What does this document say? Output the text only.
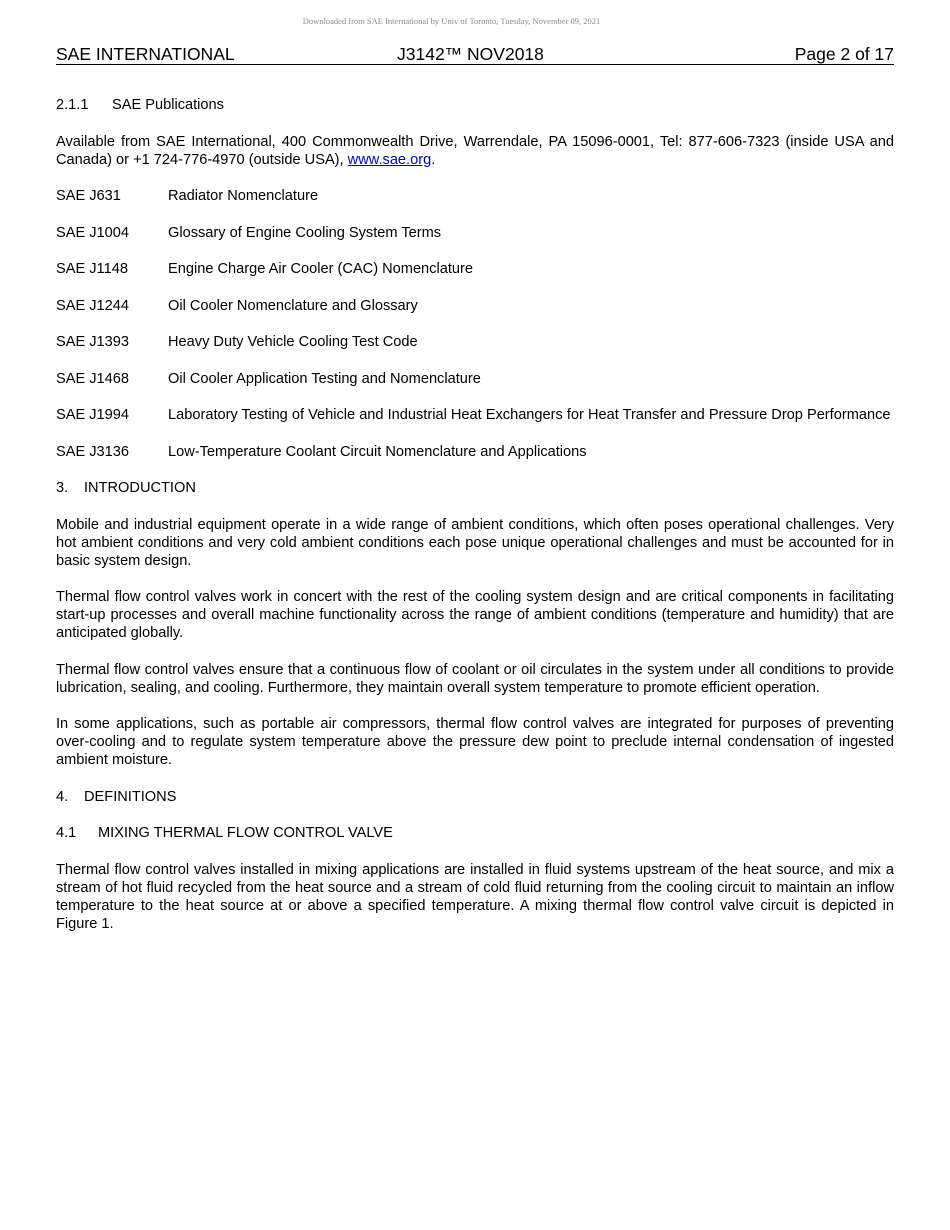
Downloaded from SAE International by Univ of Toronto, Tuesday, November 09, 2021
SAE INTERNATIONAL	J3142™ NOV2018	Page 2 of 17
2.1.1 SAE Publications

Available from SAE International, 400 Commonwealth Drive, Warrendale, PA 15096-0001, Tel: 877-606-7323 (inside USA and Canada) or +1 724-776-4970 (outside USA), www.sae.org.

SAE J631	Radiator Nomenclature
SAE J1004	Glossary of Engine Cooling System Terms
SAE J1148	Engine Charge Air Cooler (CAC) Nomenclature
SAE J1244	Oil Cooler Nomenclature and Glossary
SAE J1393	Heavy Duty Vehicle Cooling Test Code
SAE J1468	Oil Cooler Application Testing and Nomenclature
SAE J1994	Laboratory Testing of Vehicle and Industrial Heat Exchangers for Heat Transfer and Pressure Drop Performance
SAE J3136	Low-Temperature Coolant Circuit Nomenclature and Applications
3. INTRODUCTION

Mobile and industrial equipment operate in a wide range of ambient conditions, which often poses operational challenges. Very hot ambient conditions and very cold ambient conditions each pose unique operational challenges and must be accounted for in basic system design.

Thermal flow control valves work in concert with the rest of the cooling system design and are critical components in facilitating start-up processes and overall machine functionality across the range of ambient conditions (temperature and humidity) that are anticipated globally.

Thermal flow control valves ensure that a continuous flow of coolant or oil circulates in the system under all conditions to provide lubrication, sealing, and cooling. Furthermore, they maintain overall system temperature to promote efficient operation.

In some applications, such as portable air compressors, thermal flow control valves are integrated for purposes of preventing over-cooling and to regulate system temperature above the pressure dew point to preclude internal condensation of ingested ambient moisture.

4. DEFINITIONS
4.1 MIXING THERMAL FLOW CONTROL VALVE

Thermal flow control valves installed in mixing applications are installed in fluid systems upstream of the heat source, and mix a stream of hot fluid recycled from the heat source and a stream of cold fluid returning from the cooling circuit to maintain an inflow temperature to the heat source at or above a specified temperature. A mixing thermal flow control valve circuit is depicted in Figure 1.
